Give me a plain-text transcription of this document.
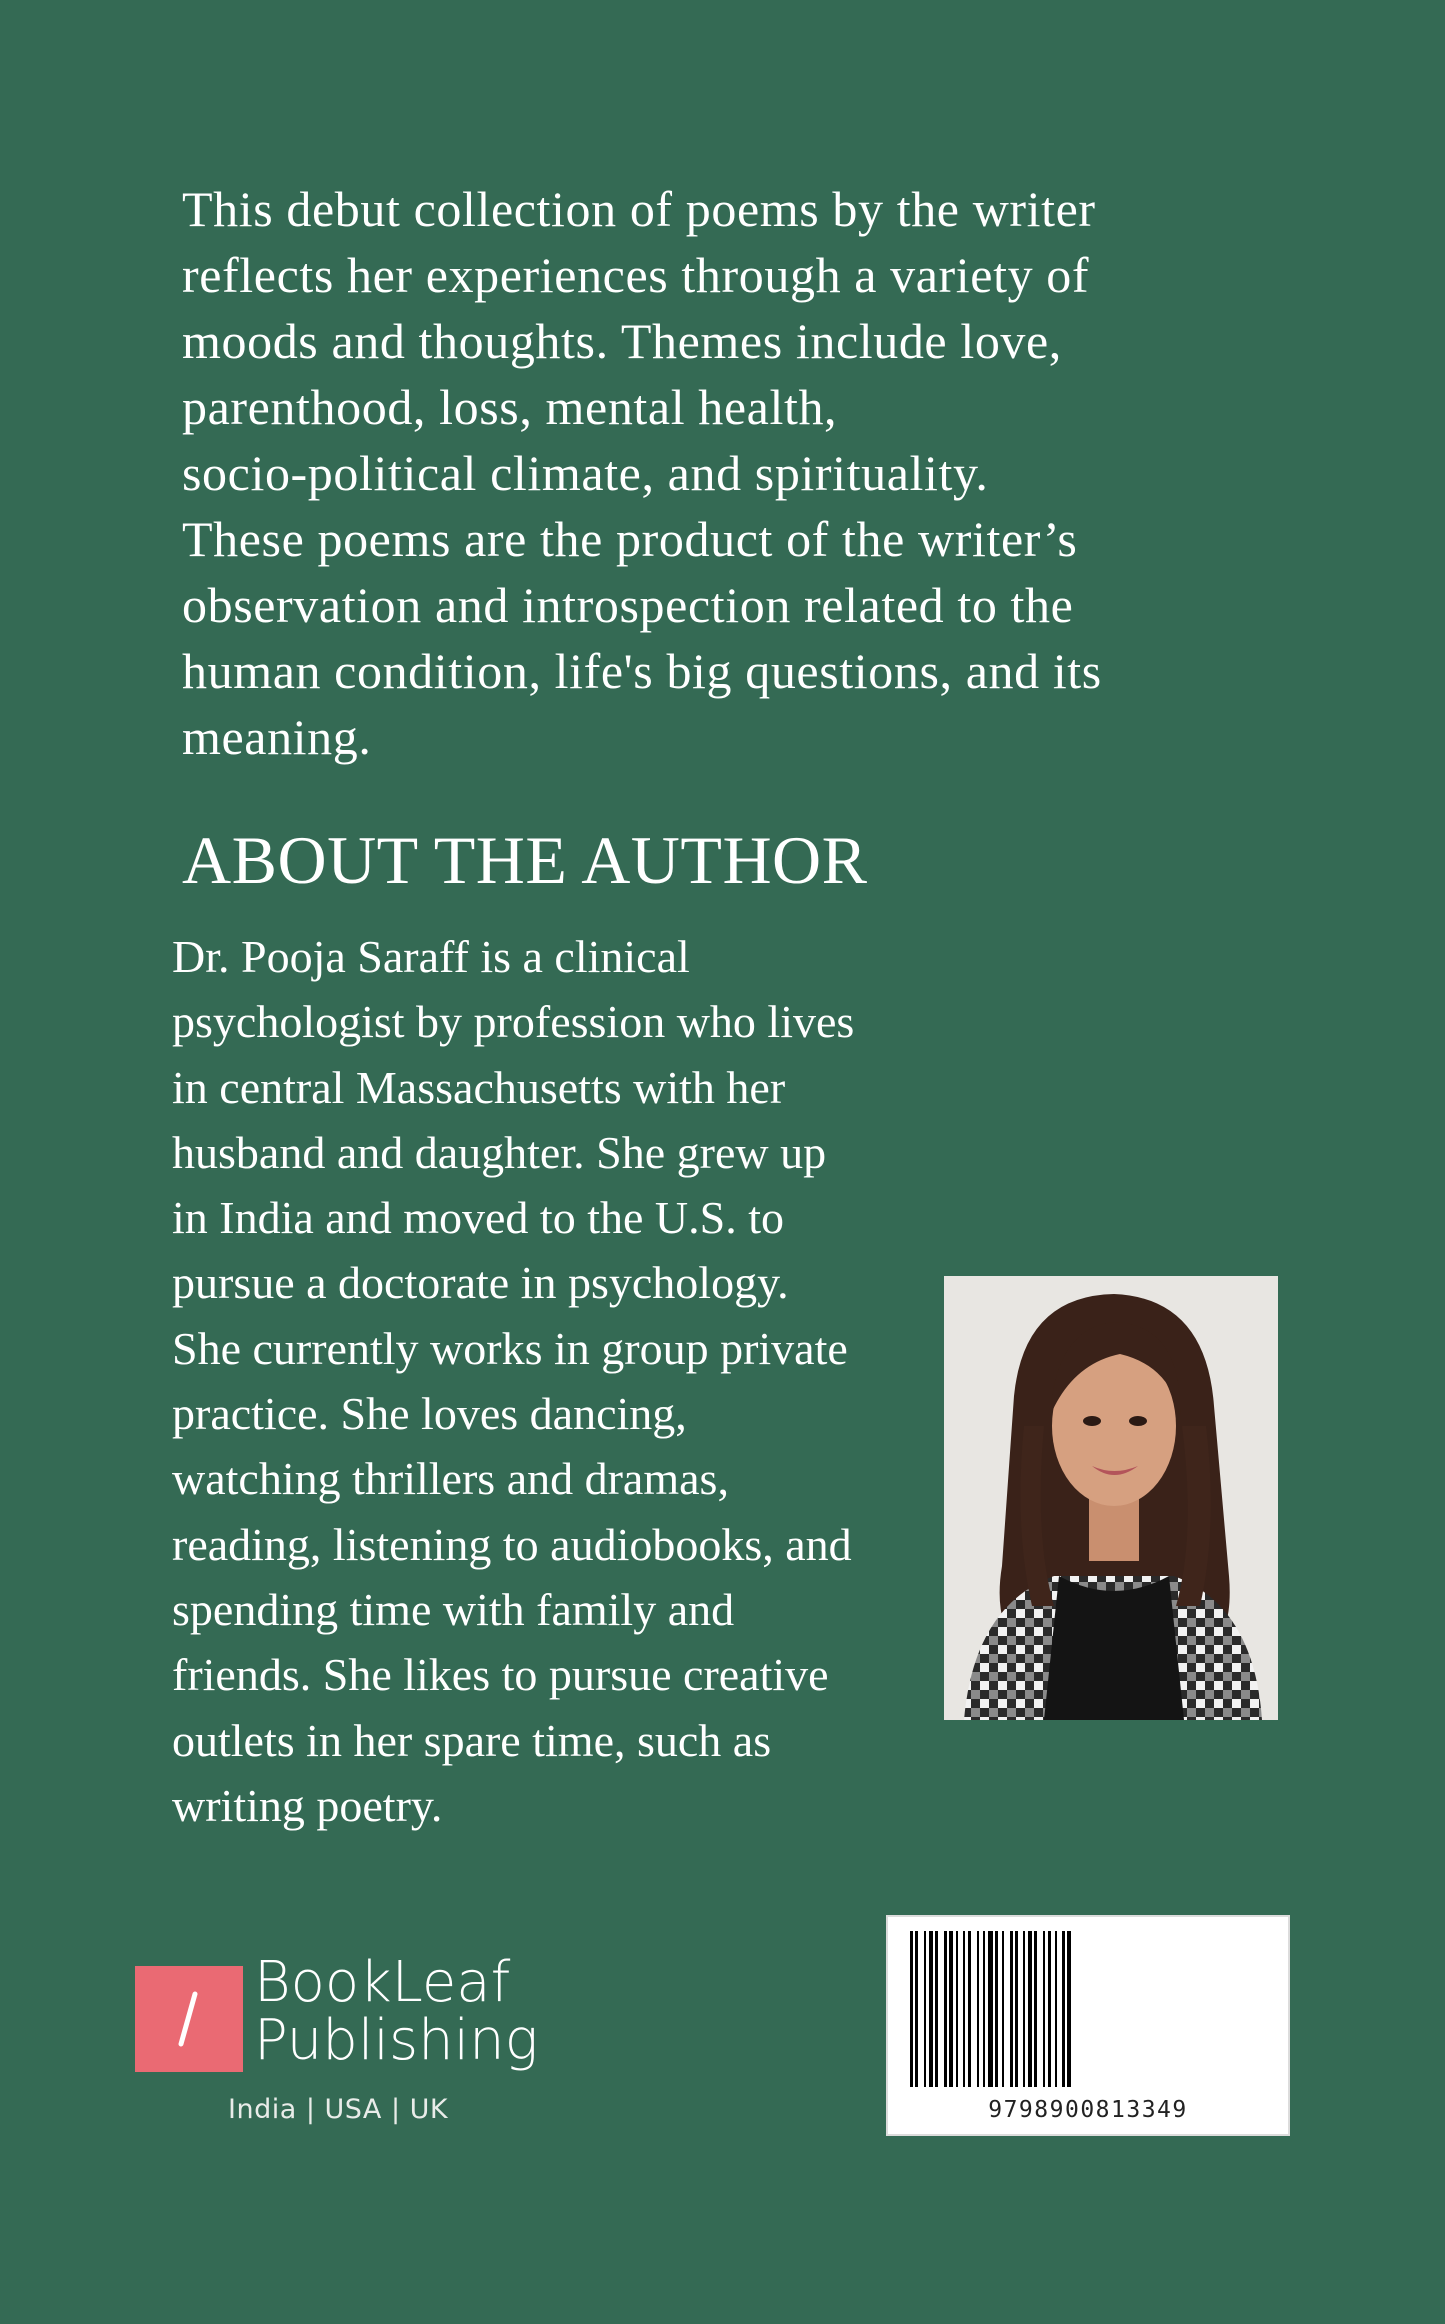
This debut collection of poems by the writer
reflects her experiences through a variety of
moods and thoughts. Themes include love,
parenthood, loss, mental health,
socio-political climate, and spirituality.
These poems are the product of the writer’s
observation and introspection related to the
human condition, life's big questions, and its
meaning.
ABOUT THE AUTHOR
Dr. Pooja Saraff is a clinical
psychologist by profession who lives
in central Massachusetts with her
husband and daughter. She grew up
in India and moved to the U.S. to
pursue a doctorate in psychology.
She currently works in group private
practice. She loves dancing,
watching thrillers and dramas,
reading, listening to audiobooks, and
spending time with family and
friends. She likes to pursue creative
outlets in her spare time, such as
writing poetry.
BookLeaf
Publishing
India | USA | UK	9798900813349
